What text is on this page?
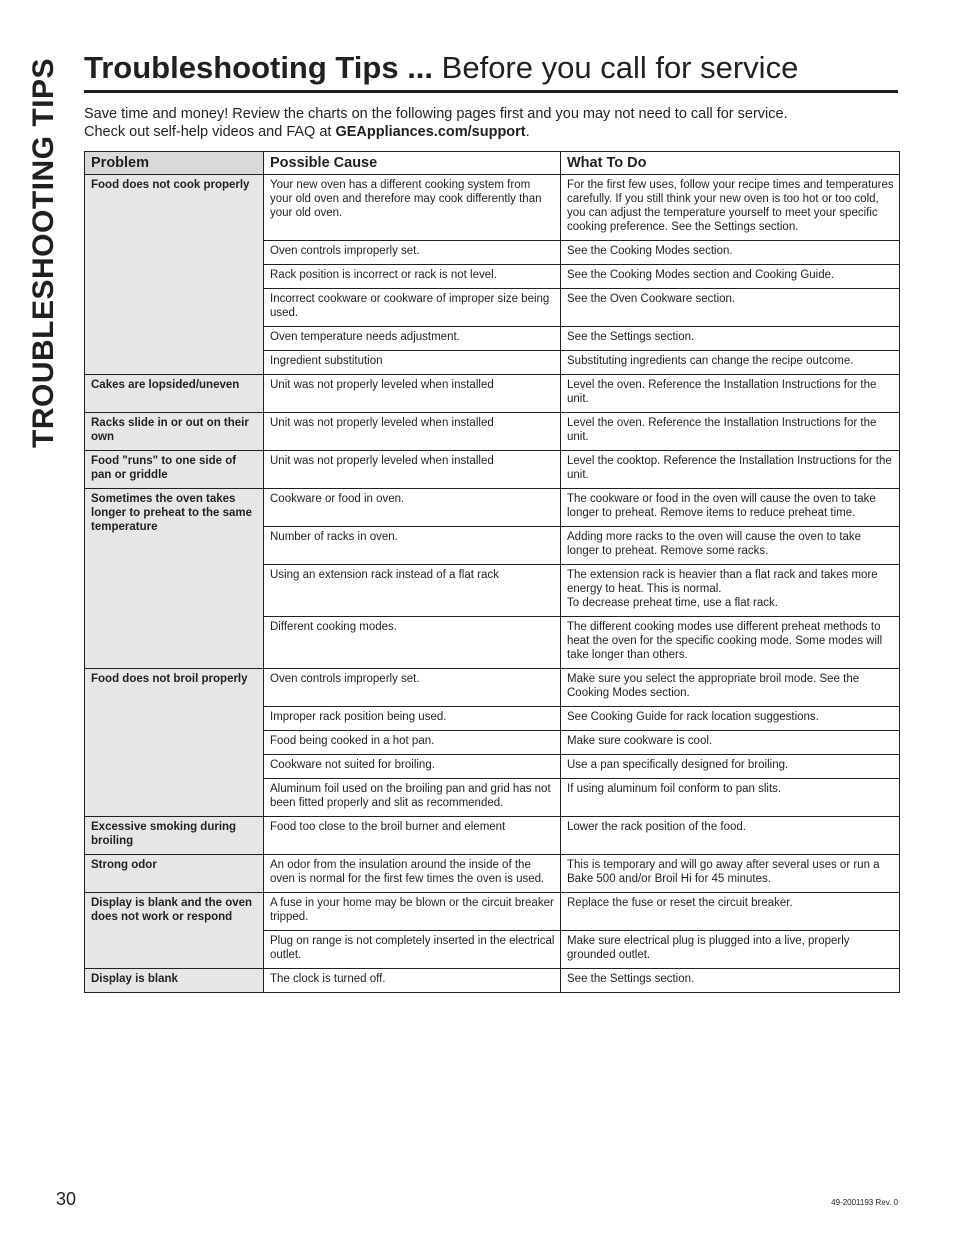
TROUBLESHOOTING TIPS Troubleshooting Tips ... Before you call for service

Save time and money! Review the charts on the following pages first and you may not need to call for service.

Check out self-help videos and FAQ at GEAppliances.com/support.

Problem	Possible Cause	What To Do
Food does not cook properly	Your new oven has a different cooking system from your old oven and therefore may cook differently than your old oven.	For the first few uses, follow your recipe times and temperatures carefully. If you still think your new oven is too hot or too cold, you can adjust the temperature yourself to meet your specific cooking preference. See the Settings section.
	Oven controls improperly set.	See the Cooking Modes section.
	Rack position is incorrect or rack is not level.	See the Cooking Modes section and Cooking Guide.
	Incorrect cookware or cookware of improper size being used.	See the Oven Cookware section.
	Oven temperature needs adjustment.	See the Settings section.
	Ingredient substitution	Substituting ingredients can change the recipe outcome.
Cakes are lopsided/uneven	Unit was not properly leveled when installed	Level the oven. Reference the Installation Instructions for the unit.
Racks slide in or out on their own	Unit was not properly leveled when installed	Level the oven. Reference the Installation Instructions for the unit.
Food "runs" to one side of pan or griddle	Unit was not properly leveled when installed	Level the cooktop. Reference the Installation Instructions for the unit.
Sometimes the oven takes longer to preheat to the same temperature	Cookware or food in oven.	The cookware or food in the oven will cause the oven to take longer to preheat. Remove items to reduce preheat time.
	Number of racks in oven.	Adding more racks to the oven will cause the oven to take longer to preheat. Remove some racks.
	Using an extension rack instead of a flat rack	The extension rack is heavier than a flat rack and takes more energy to heat. This is normal.
To decrease preheat time, use a flat rack.
	Different cooking modes.	The different cooking modes use different preheat methods to heat the oven for the specific cooking mode. Some modes will take longer than others.
Food does not broil properly	Oven controls improperly set.	Make sure you select the appropriate broil mode. See the Cooking Modes section.
	Improper rack position being used.	See Cooking Guide for rack location suggestions.
	Food being cooked in a hot pan.	Make sure cookware is cool.
	Cookware not suited for broiling.	Use a pan specifically designed for broiling.
	Aluminum foil used on the broiling pan and grid has not been fitted properly and slit as recommended.	If using aluminum foil conform to pan slits.
Excessive smoking during broiling	Food too close to the broil burner and element	Lower the rack position of the food.
Strong odor	An odor from the insulation around the inside of the oven is normal for the first few times the oven is used.	This is temporary and will go away after several uses or run a Bake 500 and/or Broil Hi for 45 minutes.
Display is blank and the oven does not work or respond	A fuse in your home may be blown or the circuit breaker tripped.	Replace the fuse or reset the circuit breaker.
	Plug on range is not completely inserted in the electrical outlet.	Make sure electrical plug is plugged into a live, properly grounded outlet.
Display is blank	The clock is turned off.	See the Settings section.
30	49-2001193 Rev. 0
